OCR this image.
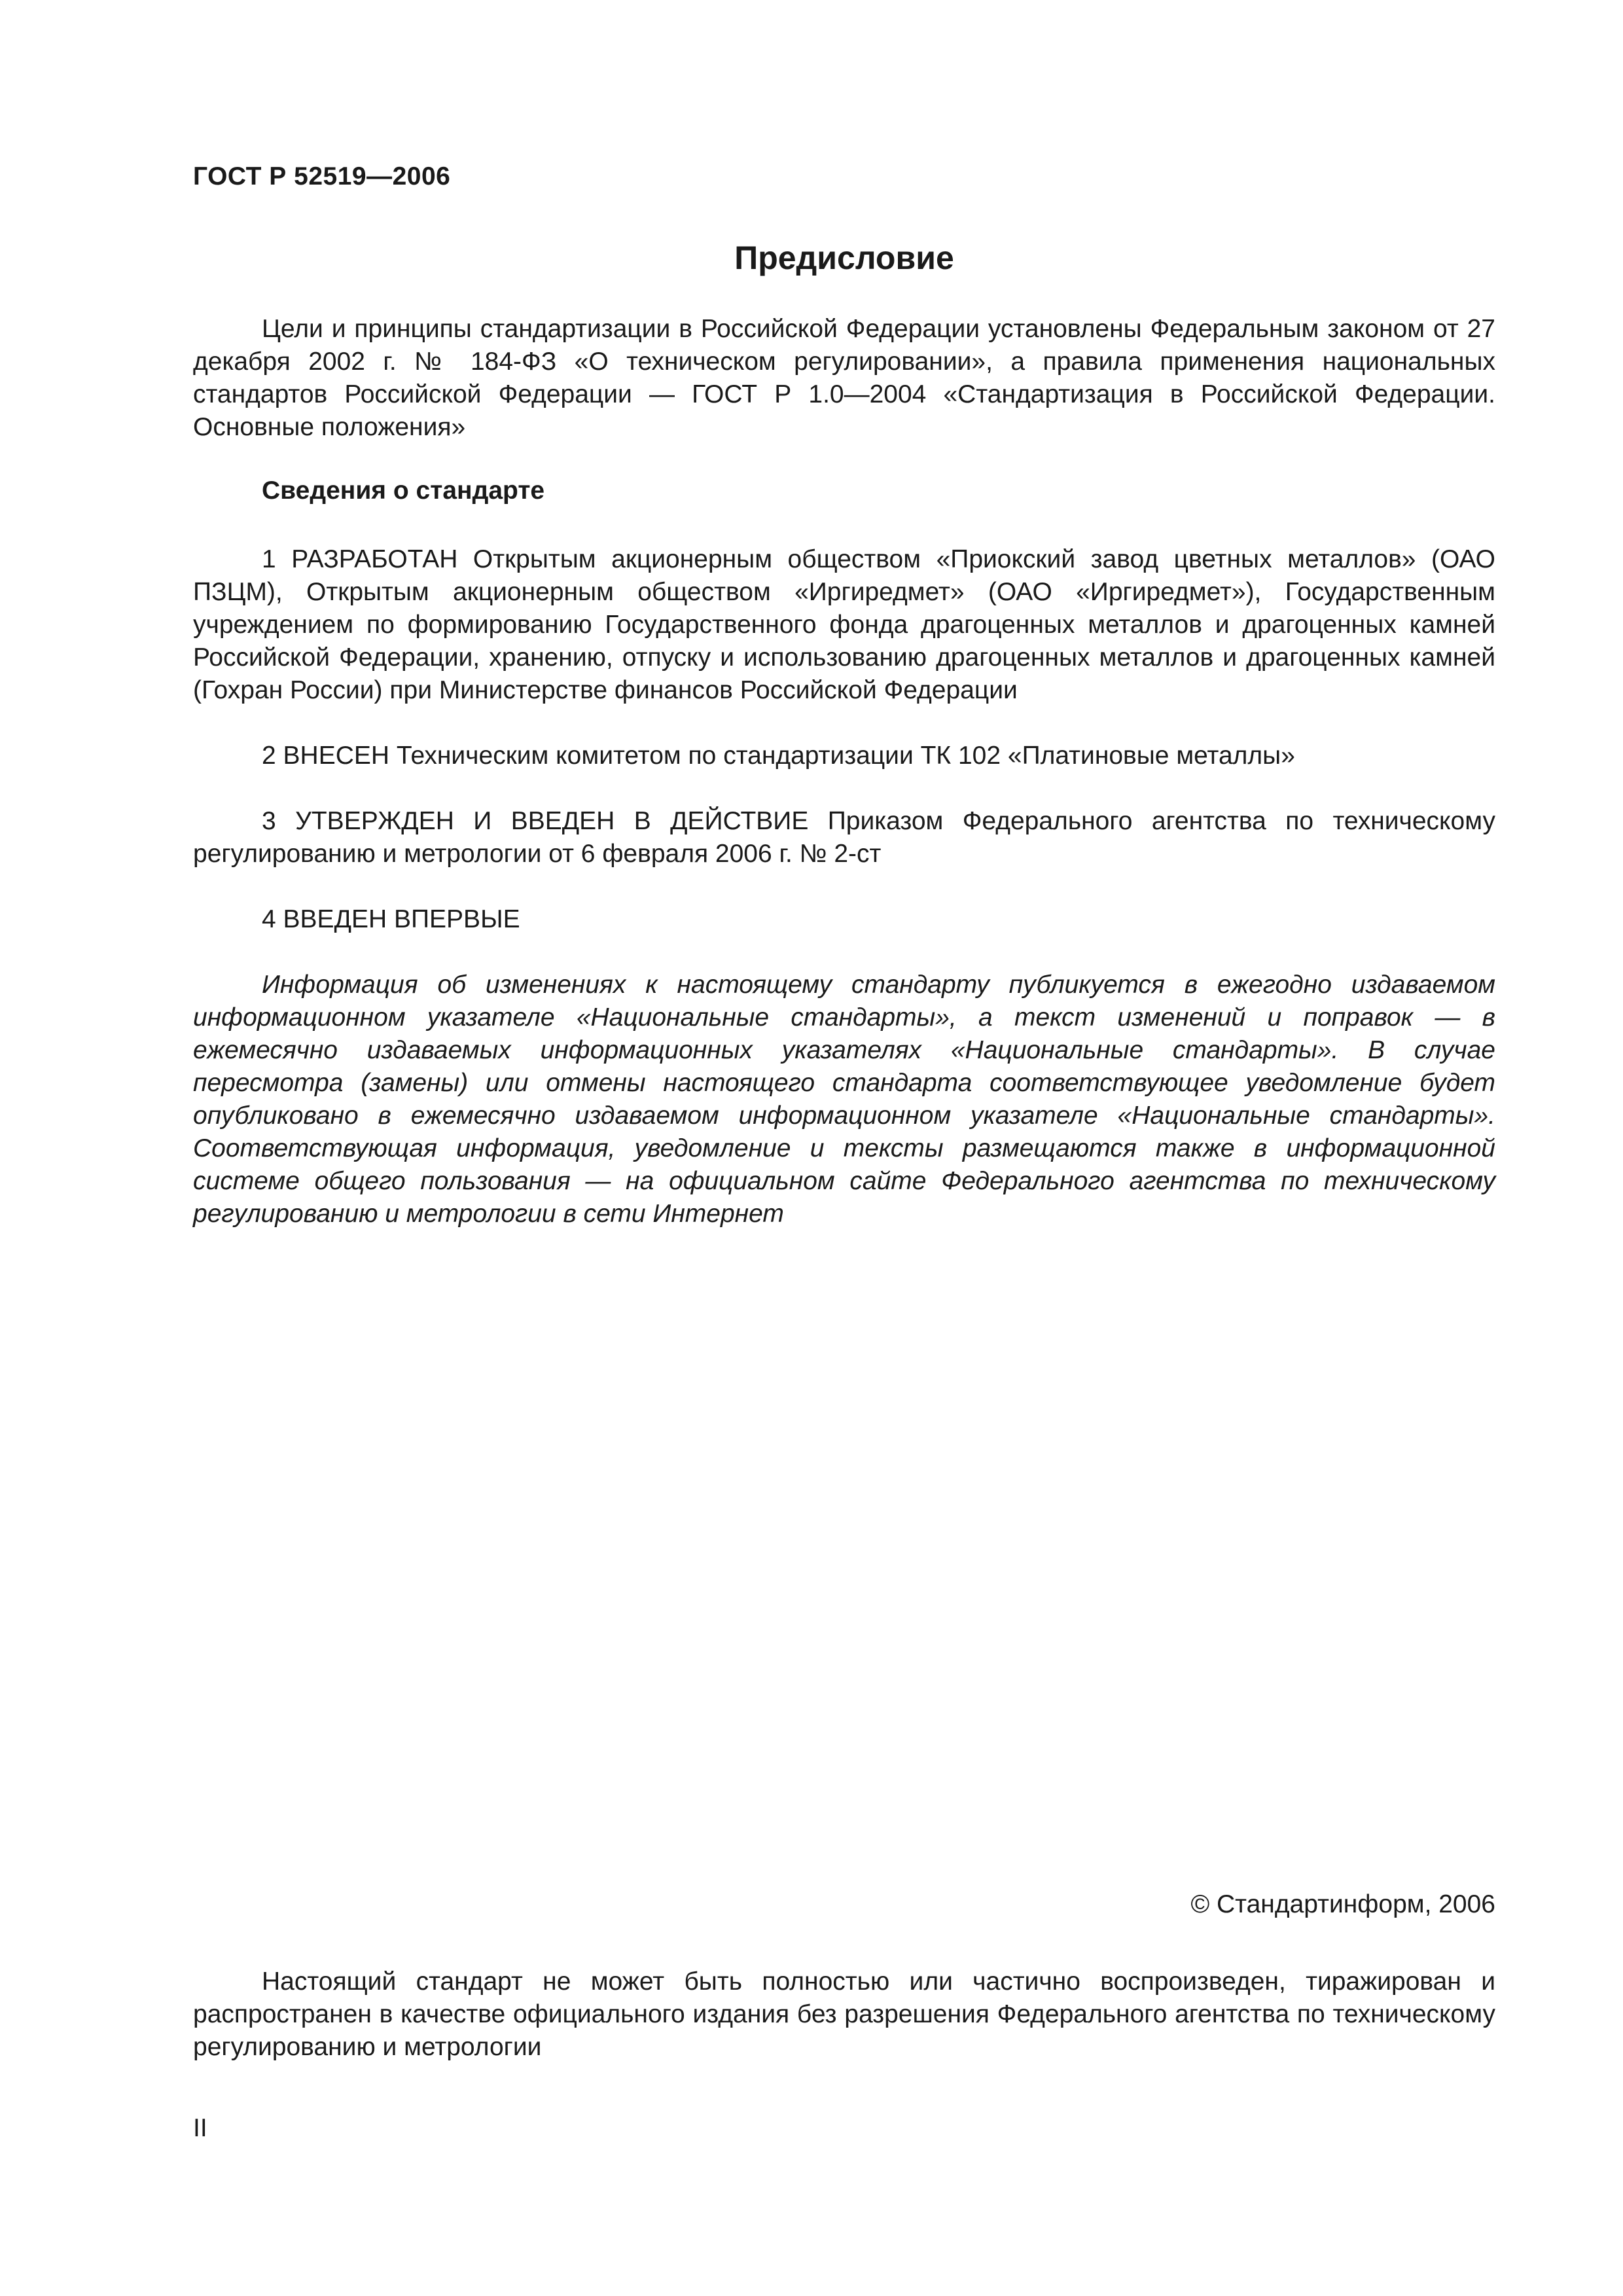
ГОСТ Р 52519—2006
Предисловие

Цели и принципы стандартизации в Российской Федерации установлены Федеральным законом от 27 декабря 2002 г. № 184-ФЗ «О техническом регулировании», а правила применения национальных стандартов Российской Федерации — ГОСТ Р 1.0—2004 «Стандартизация в Российской Федерации. Основные положения»

Сведения о стандарте

1 РАЗРАБОТАН Открытым акционерным обществом «Приокский завод цветных металлов» (ОАО ПЗЦМ), Открытым акционерным обществом «Иргиредмет» (ОАО «Иргиредмет»), Государственным учреждением по формированию Государственного фонда драгоценных металлов и драгоценных камней Российской Федерации, хранению, отпуску и использованию драгоценных металлов и драгоценных камней (Гохран России) при Министерстве финансов Российской Федерации

2 ВНЕСЕН Техническим комитетом по стандартизации ТК 102 «Платиновые металлы»

3 УТВЕРЖДЕН И ВВЕДЕН В ДЕЙСТВИЕ Приказом Федерального агентства по техническому регулированию и метрологии от 6 февраля 2006 г. № 2-ст

4 ВВЕДЕН ВПЕРВЫЕ

Информация об изменениях к настоящему стандарту публикуется в ежегодно издаваемом информационном указателе «Национальные стандарты», а текст изменений и поправок — в ежемесячно издаваемых информационных указателях «Национальные стандарты». В случае пересмотра (замены) или отмены настоящего стандарта соответствующее уведомление будет опубликовано в ежемесячно издаваемом информационном указателе «Национальные стандарты». Соответствующая информация, уведомление и тексты размещаются также в информационной системе общего пользования — на официальном сайте Федерального агентства по техническому регулированию и метрологии в сети Интернет

© Стандартинформ, 2006

Настоящий стандарт не может быть полностью или частично воспроизведен, тиражирован и распространен в качестве официального издания без разрешения Федерального агентства по техническому регулированию и метрологии

II
